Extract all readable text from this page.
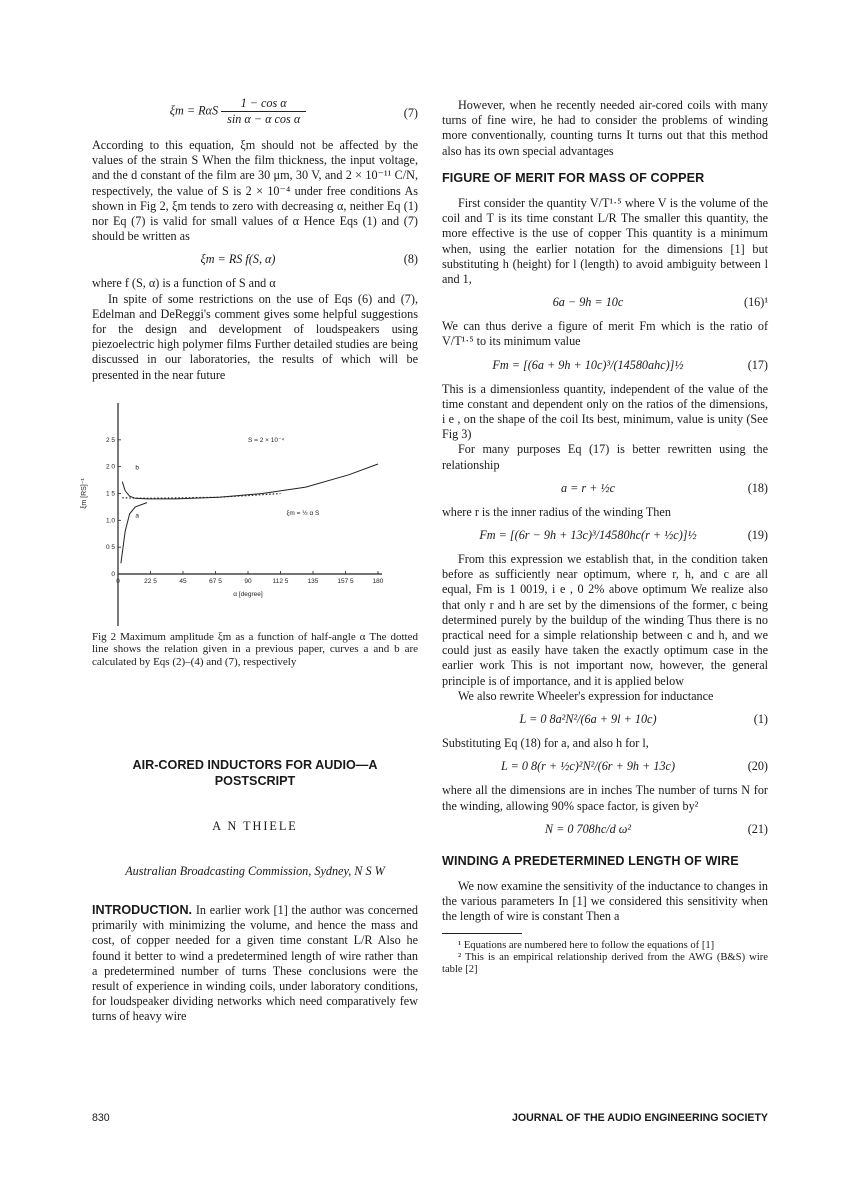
ξm = RαS $\frac{\text{1 − cos α}}{\text{sin α − α cos α}}$	(7)

According to this equation, ξm should not be affected by the values of the strain S When the film thickness, the input voltage, and the d constant of the film are 30 μm, 30 V, and 2 × 10⁻¹¹ C/N, respectively, the value of S is 2 × 10⁻⁴ under free conditions As shown in Fig 2, ξm tends to zero with decreasing α, neither Eq (1) nor Eq (7) is valid for small values of α Hence Eqs (1) and (7) should be written as

ξm = RS f(S, α)	(8)

where f (S, α) is a function of S and α

In spite of some restrictions on the use of Eqs (6) and (7), Edelman and DeReggi's comment gives some helpful suggestions for the design and development of loudspeakers using piezoelectric high polymer films Further detailed studies are being discussed in our laboratories, the results of which will be presented in the near future

0	22 5	45	67 5	90	112 5	135	157 5	180
0
0 5
1.0
1 5
2 0
2 5
α [degree]
ξm [RS]⁻¹
S = 2 × 10⁻⁴
ξm = ½ α S
b
a

Fig 2 Maximum amplitude ξm as a function of half-angle α The dotted line shows the relation given in a previous paper, curves a and b are calculated by Eqs (2)–(4) and (7), respectively

AIR-CORED INDUCTORS FOR AUDIO—A POSTSCRIPT
A N THIELE
Australian Broadcasting Commission, Sydney, N S W

INTRODUCTION. In earlier work [1] the author was concerned primarily with minimizing the volume, and hence the mass and cost, of copper needed for a given time constant L/R Also he found it better to wind a predetermined length of wire rather than a predetermined number of turns These conclusions were the result of experience in winding coils, under laboratory conditions, for loudspeaker dividing networks which need comparatively few turns of heavy wire

However, when he recently needed air-cored coils with many turns of fine wire, he had to consider the problems of winding more conventionally, counting turns It turns out that this method also has its own special advantages

FIGURE OF MERIT FOR MASS OF COPPER

First consider the quantity V/T¹·⁵ where V is the volume of the coil and T is its time constant L/R The smaller this quantity, the more effective is the use of copper This quantity is a minimum when, using the earlier notation for the dimensions [1] but substituting h (height) for l (length) to avoid ambiguity between l and 1,

6a − 9h = 10c	(16)¹

We can thus derive a figure of merit Fm which is the ratio of V/T¹·⁵ to its minimum value

Fm = [(6a + 9h + 10c)³/(14580ahc)]½	(17)

This is a dimensionless quantity, independent of the value of the time constant and dependent only on the ratios of the dimensions, i e , on the shape of the coil Its best, minimum, value is unity (See Fig 3)

For many purposes Eq (17) is better rewritten using the relationship

a = r + ½c	(18)

where r is the inner radius of the winding Then

Fm = [(6r − 9h + 13c)³/14580hc(r + ½c)]½	(19)

From this expression we establish that, in the condition taken before as sufficiently near optimum, where r, h, and c are all equal, Fm is 1 0019, i e , 0 2% above optimum We realize also that only r and h are set by the dimensions of the former, c being determined purely by the buildup of the winding Thus there is no practical need for a simple relationship between c and h, and we could just as easily have taken the exactly optimum case in the earlier work This is not important now, however, the general principle is of importance, and it is applied below

We also rewrite Wheeler's expression for inductance

L = 0 8a²N²/(6a + 9l + 10c)	(1)

Substituting Eq (18) for a, and also h for l,

L = 0 8(r + ½c)²N²/(6r + 9h + 13c)	(20)

where all the dimensions are in inches The number of turns N for the winding, allowing 90% space factor, is given by²

N = 0 708hc/d ω²	(21)
WINDING A PREDETERMINED LENGTH OF WIRE

We now examine the sensitivity of the inductance to changes in the various parameters In [1] we considered this sensitivity when the length of wire is constant Then a

¹ Equations are numbered here to follow the equations of [1]

² This is an empirical relationship derived from the AWG (B&S) wire table [2]

830	JOURNAL OF THE AUDIO ENGINEERING SOCIETY
